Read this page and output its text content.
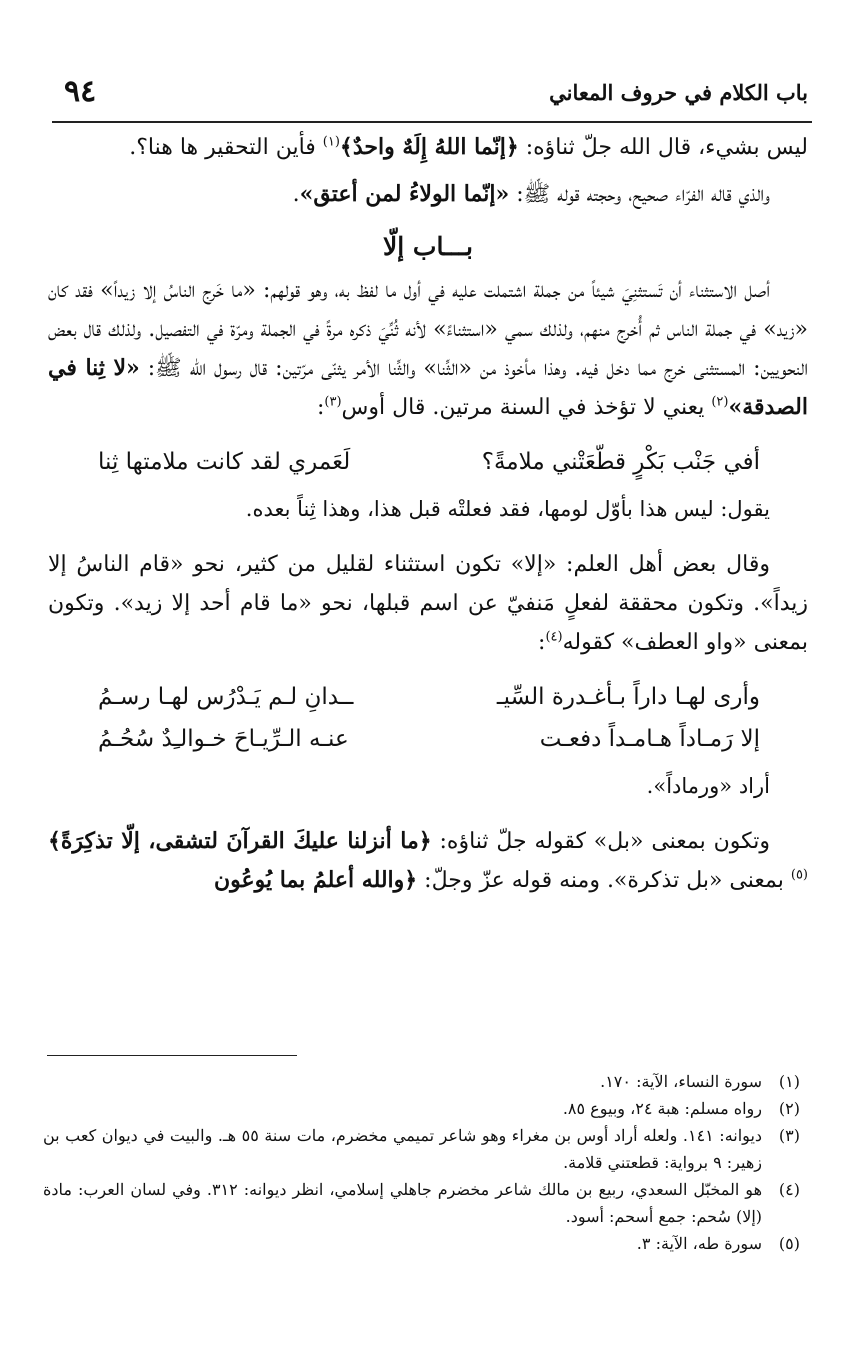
باب الكلام في حروف المعاني
٩٤

ليس بشيء، قال الله جلّ ثناؤه: ﴿إنّما اللهُ إِلَهٌ واحدٌ﴾$^{(١)}$ فأين التحقير ها هنا؟.

والذي قاله الفرّاء صحيح، وحجته قوله ﷺ: «إنّما الولاءُ لمن أعتق».

بـــاب إلّا

أصل الاستثناء أن تَستثنِيَ شيئاً من جملة اشتملت عليه في أول ما لفظ به، وهو قولهم: «ما خَرج الناسُ إلا زيداً» فقد كان «زيد» في جملة الناس ثم أُخرج منهم، ولذلك سمي «استثناءً» لأنه ثُنِّيَ ذكره مرةً في الجملة ومرّة في التفصيل. ولذلك قال بعض النحويين: المستثنى خرج مما دخل فيه. وهذا مأخوذ من «الثِّنا» والثِّنا الأمر يثنّى مرّتين: قال رسول الله ﷺ: «لا ثِنا في الصدقة»$^{(٢)}$ يعني لا تؤخذ في السنة مرتين. قال أوس$^{(٣)}$:

أفي جَنْب بَكْرٍ قطّعَتْني ملامةً؟
لَعَمري لقد كانت ملامتها ثِنا
يقول: ليس هذا بأوّل لومها، فقد فعلتْه قبل هذا، وهذا ثِناً بعده.

وقال بعض أهل العلم: «إلا» تكون استثناء لقليل من كثير، نحو «قام الناسُ إلا زيداً». وتكون محققة لفعلٍ مَنفيّ عن اسم قبلها، نحو «ما قام أحد إلا زيد». وتكون بمعنى «واو العطف» كقوله$^{(٤)}$:

وأرى لهـا داراً بـأغـدرة السِّيـ
ــدانِ لـم يَـدْرُس لهـا رسـمُ
إلا رَمـاداً هـامـداً دفعـت
عنـه الـرِّيـاحَ خـوالـِدٌ سُحُـمُ
أراد «ورماداً».

وتكون بمعنى «بل» كقوله جلّ ثناؤه: ﴿ما أنزلنا عليكَ القرآنَ لتشقى، إلّا تذكِرَةً﴾$^{(٥)}$ بمعنى «بل تذكرة». ومنه قوله عزّ وجلّ: ﴿والله أعلمُ بما يُوعُون

(١)
سورة النساء، الآية: ١٧٠.
(٢)
رواه مسلم: هبة ٢٤، وبيوع ٨٥.
(٣)
ديوانه: ١٤١. ولعله أراد أوس بن مغراء وهو شاعر تميمي مخضرم، مات سنة ٥٥ هـ. والبيت في ديوان كعب بن زهير: ٩ برواية: قطعتني قلامة.
(٤)
هو المخبّل السعدي، ربيع بن مالك شاعر مخضرم جاهلي إسلامي، انظر ديوانه: ٣١٢. وفي لسان العرب: مادة (إلا) سُحم: جمع أسحم: أسود.
(٥)
سورة طه، الآية: ٣.
